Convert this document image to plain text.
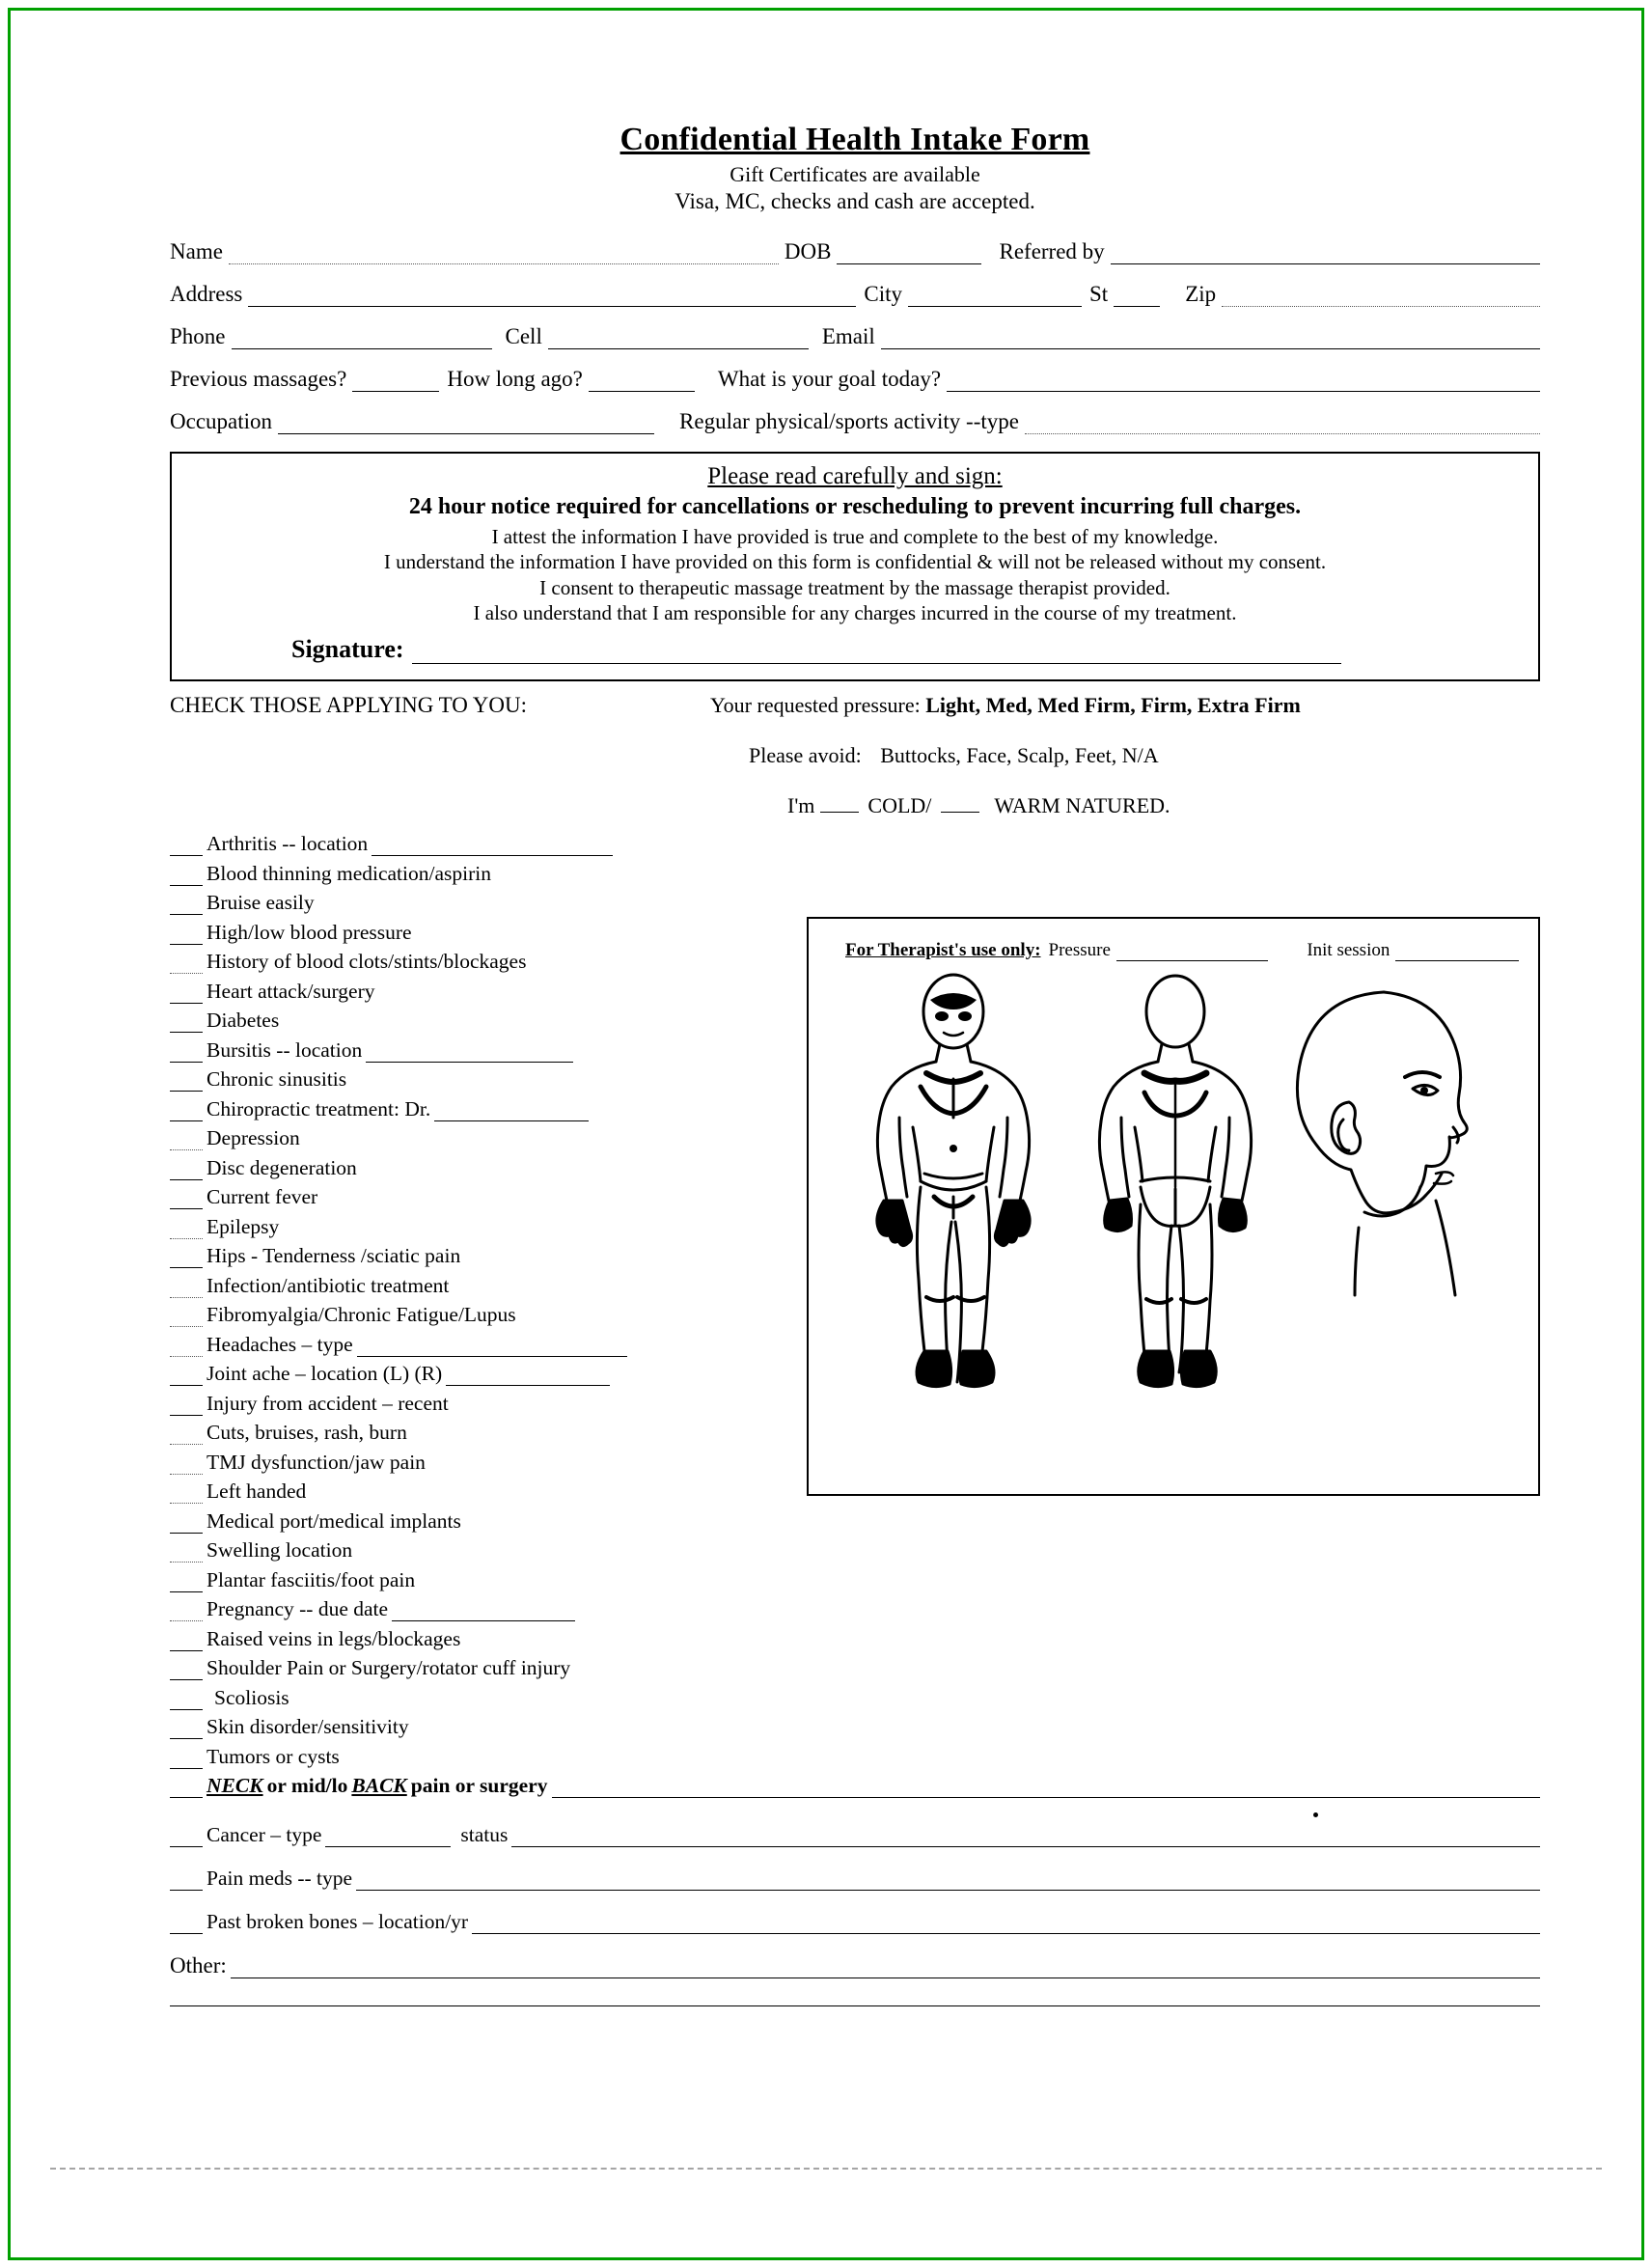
Confidential Health Intake Form
Gift Certificates are available
Visa, MC, checks and cash are accepted.
Name	DOB	Referred by
Address	City	St	Zip
Phone	Cell	Email
Previous massages?	How long ago?	What is your goal today?
Occupation	Regular physical/sports activity --type
Please read carefully and sign:
24 hour notice required for cancellations or rescheduling to prevent incurring full charges.
I attest the information I have provided is true and complete to the best of my knowledge.
I understand the information I have provided on this form is confidential & will not be released without my consent.
I consent to therapeutic massage treatment by the massage therapist provided.
I also understand that I am responsible for any charges incurred in the course of my treatment.
Signature:
CHECK THOSE APPLYING TO YOU:	Your requested pressure: Light, Med, Med Firm, Firm, Extra Firm
Please avoid: Buttocks, Face, Scalp, Feet, N/A
I'm	COLD/	WARM NATURED.
Arthritis -- location
Blood thinning medication/aspirin
Bruise easily
High/low blood pressure
History of blood clots/stints/blockages
Heart attack/surgery
Diabetes
Bursitis -- location
Chronic sinusitis
Chiropractic treatment: Dr.
Depression
Disc degeneration
Current fever
Epilepsy
Hips - Tenderness /sciatic pain
Infection/antibiotic treatment
Fibromyalgia/Chronic Fatigue/Lupus
Headaches – type
Joint ache – location (L) (R)
Injury from accident – recent
Cuts, bruises, rash, burn
TMJ dysfunction/jaw pain
Left handed
Medical port/medical implants
Swelling location
Plantar fasciitis/foot pain
Pregnancy -- due date
Raised veins in legs/blockages
Shoulder Pain or Surgery/rotator cuff injury
Scoliosis
Skin disorder/sensitivity
Tumors or cysts
For Therapist's use only: Pressure	Init session
NECK or mid/lo BACK pain or surgery
Cancer – type	status
Pain meds -- type
Past broken bones – location/yr
Other:
